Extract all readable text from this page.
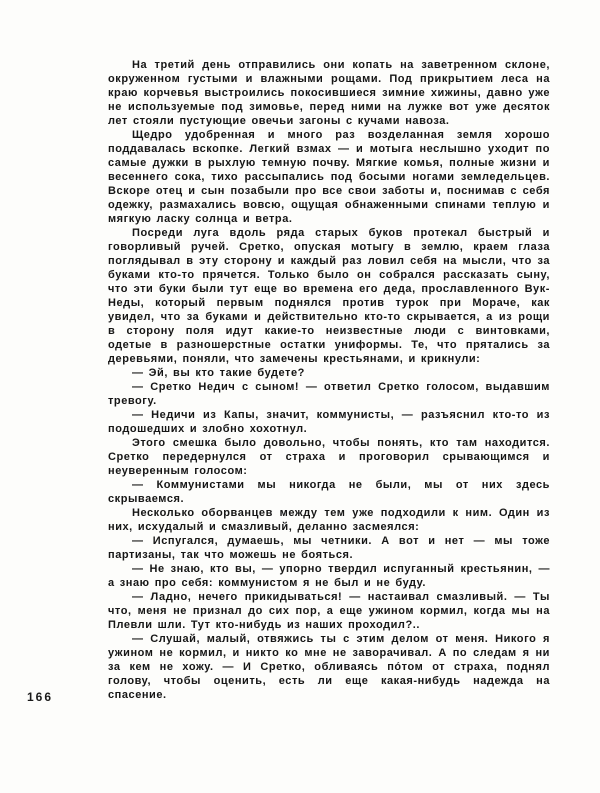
На третий день отправились они копать на заветренном склоне, окруженном густыми и влажными рощами. Под прикрытием леса на краю корчевья выстроились покосившиеся зимние хижины, давно уже не используемые под зимовье, перед ними на лужке вот уже десяток лет стояли пустующие овечьи загоны с кучами навоза.

Щедро удобренная и много раз возделанная земля хорошо поддавалась вскопке. Легкий взмах — и мотыга неслышно уходит по самые дужки в рыхлую темную почву. Мягкие комья, полные жизни и весеннего сока, тихо рассыпались под босыми ногами земледельцев. Вскоре отец и сын позабыли про все свои заботы и, поснимав с себя одежку, размахались вовсю, ощущая обнаженными спинами теплую и мягкую ласку солнца и ветра.

Посреди луга вдоль ряда старых буков протекал быстрый и говорливый ручей. Сретко, опуская мотыгу в землю, краем глаза поглядывал в эту сторону и каждый раз ловил себя на мысли, что за буками кто-то прячется. Только было он собрался рассказать сыну, что эти буки были тут еще во времена его деда, прославленного Вук-Неды, который первым поднялся против турок при Мораче, как увидел, что за буками и действительно кто-то скрывается, а из рощи в сторону поля идут какие-то неизвестные люди с винтовками, одетые в разношерстные остатки униформы. Те, что прятались за деревьями, поняли, что замечены крестьянами, и крикнули:

— Эй, вы кто такие будете?

— Сретко Недич с сыном! — ответил Сретко голосом, выдавшим тревогу.

— Недичи из Капы, значит, коммунисты, — разъяснил кто-то из подошедших и злобно хохотнул.

Этого смешка было довольно, чтобы понять, кто там находится. Сретко передернулся от страха и проговорил срывающимся и неуверенным голосом:

— Коммунистами мы никогда не были, мы от них здесь скрываемся.

Несколько оборванцев между тем уже подходили к ним. Один из них, исхудалый и смазливый, деланно засмеялся:

— Испугался, думаешь, мы четники. А вот и нет — мы тоже партизаны, так что можешь не бояться.

— Не знаю, кто вы, — упорно твердил испуганный крестьянин, — а знаю про себя: коммунистом я не был и не буду.

— Ладно, нечего прикидываться! — настаивал смазливый. — Ты что, меня не признал до сих пор, а еще ужином кормил, когда мы на Плевли шли. Тут кто-нибудь из наших проходил?..

— Слушай, малый, отвяжись ты с этим делом от меня. Никого я ужином не кормил, и никто ко мне не заворачивал. А по следам я ни за кем не хожу. — И Сретко, обливаясь по́том от страха, поднял голову, чтобы оценить, есть ли еще какая-нибудь надежда на спасение.

166
